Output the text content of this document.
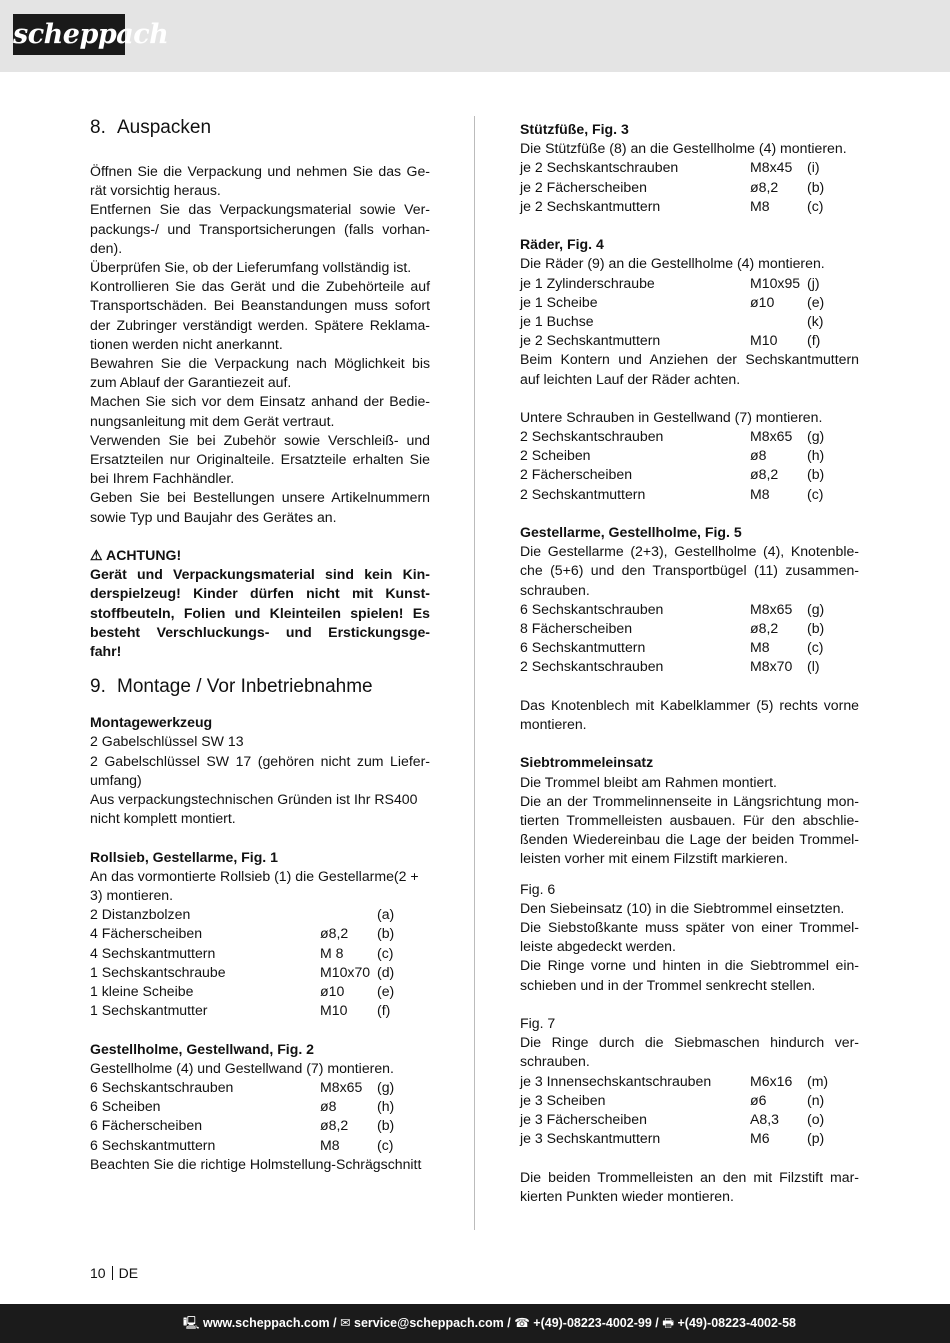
scheppach
8. Auspacken
Öffnen Sie die Verpackung und nehmen Sie das Ge-
rät vorsichtig heraus.
Entfernen Sie das Verpackungsmaterial sowie Ver-
packungs-/ und Transportsicherungen (falls vorhan-
den).
Überprüfen Sie, ob der Lieferumfang vollständig ist.
Kontrollieren Sie das Gerät und die Zubehörteile auf
Transportschäden. Bei Beanstandungen muss sofort
der Zubringer verständigt werden. Spätere Reklama-
tionen werden nicht anerkannt.
Bewahren Sie die Verpackung nach Möglichkeit bis
zum Ablauf der Garantiezeit auf.
Machen Sie sich vor dem Einsatz anhand der Bedie-
nungsanleitung mit dem Gerät vertraut.
Verwenden Sie bei Zubehör sowie Verschleiß- und
Ersatzteilen nur Originalteile. Ersatzteile erhalten Sie
bei Ihrem Fachhändler.
Geben Sie bei Bestellungen unsere Artikelnummern
sowie Typ und Baujahr des Gerätes an.
⚠ ACHTUNG!
Gerät und Verpackungsmaterial sind kein Kin-
derspielzeug! Kinder dürfen nicht mit Kunst-
stoffbeuteln, Folien und Kleinteilen spielen! Es
besteht Verschluckungs- und Erstickungsge-
fahr!
9. Montage / Vor Inbetriebnahme
Montagewerkzeug
2 Gabelschlüssel SW 13
2 Gabelschlüssel SW 17 (gehören nicht zum Liefer-
umfang)
Aus verpackungstechnischen Gründen ist Ihr RS400
nicht komplett montiert.
Rollsieb, Gestellarme, Fig. 1
An das vormontierte Rollsieb (1) die Gestellarme(2 +
3) montieren.
2 Distanzbolzen	(a)
4 Fächerscheiben	ø8,2	(b)
4 Sechskantmuttern	M 8	(c)
1 Sechskantschraube	M10x70 (d)
1 kleine Scheibe	ø10	(e)
1 Sechskantmutter	M10	(f)
Gestellholme, Gestellwand, Fig. 2
Gestellholme (4) und Gestellwand (7) montieren.
6 Sechskantschrauben	M8x65	(g)
6 Scheiben	ø8	(h)
6 Fächerscheiben	ø8,2	(b)
6 Sechskantmuttern	M8	(c)
Beachten Sie die richtige Holmstellung-Schrägschnitt
Stützfüße, Fig. 3
Die Stützfüße (8) an die Gestellholme (4) montieren.
je 2 Sechskantschrauben	M8x45	(i)
je 2 Fächerscheiben	ø8,2	(b)
je 2 Sechskantmuttern	M8	(c)
Räder, Fig. 4
Die Räder (9) an die Gestellholme (4) montieren.
je 1 Zylinderschraube	M10x95 (j)
je 1 Scheibe	ø10	(e)
je 1 Buchse	(k)
je 2 Sechskantmuttern	M10	(f)
Beim Kontern und Anziehen der Sechskantmuttern
auf leichten Lauf der Räder achten.
Untere Schrauben in Gestellwand (7) montieren.
2 Sechskantschrauben	M8x65	(g)
2 Scheiben	ø8	(h)
2 Fächerscheiben	ø8,2	(b)
2 Sechskantmuttern	M8	(c)
Gestellarme, Gestellholme, Fig. 5
Die Gestellarme (2+3), Gestellholme (4), Knotenble-
che (5+6) und den Transportbügel (11) zusammen-
schrauben.
6 Sechskantschrauben	M8x65	(g)
8 Fächerscheiben	ø8,2	(b)
6 Sechskantmuttern	M8	(c)
2 Sechskantschrauben	M8x70	(l)
Das Knotenblech mit Kabelklammer (5) rechts vorne
montieren.
Siebtrommeleinsatz
Die Trommel bleibt am Rahmen montiert.
Die an der Trommelinnenseite in Längsrichtung mon-
tierten Trommelleisten ausbauen. Für den abschlie-
ßenden Wiedereinbau die Lage der beiden Trommel-
leisten vorher mit einem Filzstift markieren.
Fig. 6
Den Siebeinsatz (10) in die Siebtrommel einsetzten.
Die Siebstoßkante muss später von einer Trommel-
leiste abgedeckt werden.
Die Ringe vorne und hinten in die Siebtrommel ein-
schieben und in der Trommel senkrecht stellen.
Fig. 7
Die Ringe durch die Siebmaschen hindurch ver-
schrauben.
je 3 Innensechskantschrauben	M6x16	(m)
je 3 Scheiben	ø6	(n)
je 3 Fächerscheiben	A8,3	(o)
je 3 Sechskantmuttern	M6	(p)
Die beiden Trommelleisten an den mit Filzstift mar-
kierten Punkten wieder montieren.
10 DE
🖳︎ www.scheppach.com / ✉︎ service@scheppach.com / ☎︎ +(49)-08223-4002-99 / 🖶︎ +(49)-08223-4002-58
